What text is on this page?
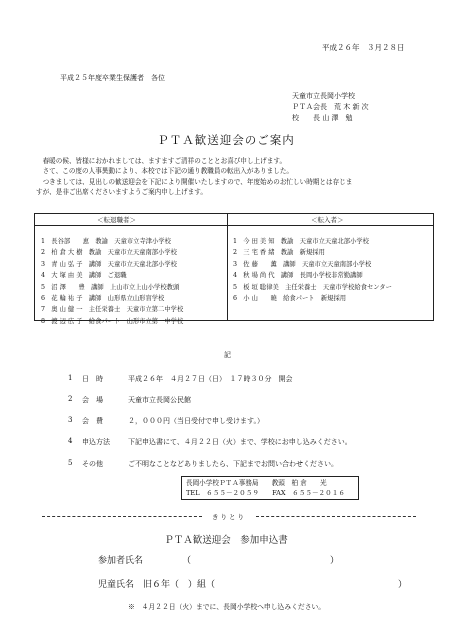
平成２６年　３月２８日
平成２５年度卒業生保護者　各位
天童市立長岡小学校
ＰＴＡ会長　荒 木 新 次
校　　長 山 澤　勉
ＰＴＡ歓送迎会のご案内
　春暖の候、皆様におかれましては、ますますご清祥のこととお喜び申し上げます。
　さて、この度の人事異動により、本校では下記の通り教職員の転出入がありました。
　つきましては、見出しの歓送迎会を下記により開催いたしますので、年度始めのお忙しい時期とは存じま
すが、是非ご出席くださいますようご案内申し上げます。
＜転退職者＞	＜転入者＞
1　長谷部　　恵　教諭　天童市立寺津小学校
2　柏 倉 大 樹　教諭　天童市立天童南部小学校
3　青 山 弘 子　講師　天童市立天童北部小学校
4　大 塚 由 美　講師　ご退職
5　沼 澤　　豊　講師　上山市立上山小学校教頭
6　花 輪 祐 子　講師　山形県立山形盲学校
7　奥 山 健 一　主任栄養士　天童市立第二中学校
8　渡 辺 広 子　給食パート　山形市立第一中学校
1　今 田 美 知　教諭　天童市立天童北部小学校
2　三 宅 香 緒　教諭　新規採用
3　佐 藤　　薫　講師　天童市立天童南部小学校
4　秋 場 尚 代　講師　長岡小学校非常勤講師
5　板 垣 聡律美　主任栄養士　天童市学校給食センター
6　小 山　　暁　給食パート　新規採用
記
1 日　時	平成２６年　４月２７日（日）　１７時３０分　開会
2 会　場	天童市立長岡公民館
3 会　費	２，０００円（当日受付で申し受けます。）
4 申込方法	下記申込書にて、４月２２日（火）まで、学校にお申し込みください。
5 その他	ご不明なことなどありましたら、下記までお問い合わせください。
長岡小学校ＰＴＡ事務局　　教頭　柏 倉　　光
TEL　６５５－２０５９　　FAX　６５５－２０１６
きりとり
ＰＴＡ歓送迎会　参加申込書
参加者氏名	（	）
児童氏名　旧６年（　）組（	）
※　４月２２日（火）までに、長岡小学校へ申し込みください。
